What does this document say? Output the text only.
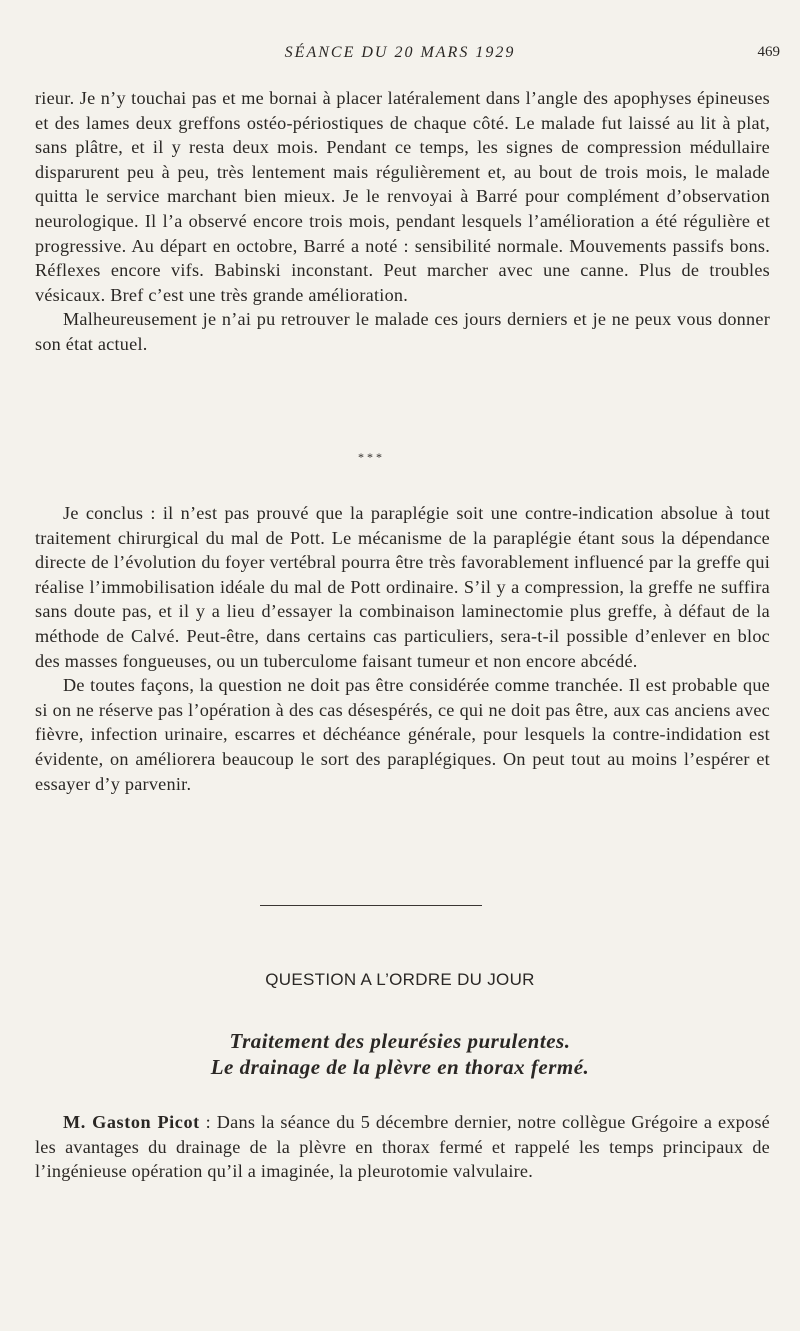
SÉANCE DU 20 MARS 1929	469

rieur. Je n’y touchai pas et me bornai à placer latéralement dans l’angle des apophyses épineuses et des lames deux greffons ostéo-périostiques de chaque côté. Le malade fut laissé au lit à plat, sans plâtre, et il y resta deux mois. Pendant ce temps, les signes de compression médullaire disparurent peu à peu, très lentement mais régulièrement et, au bout de trois mois, le malade quitta le service marchant bien mieux. Je le renvoyai à Barré pour complément d’observation neurologique. Il l’a observé encore trois mois, pendant lesquels l’amélioration a été régulière et progressive. Au départ en octobre, Barré a noté : sensibilité normale. Mouvements passifs bons. Réflexes encore vifs. Babinski inconstant. Peut marcher avec une canne. Plus de troubles vésicaux. Bref c’est une très grande amélioration.

Malheureusement je n’ai pu retrouver le malade ces jours derniers et je ne peux vous donner son état actuel.

* * *

Je conclus : il n’est pas prouvé que la paraplégie soit une contre-indication absolue à tout traitement chirurgical du mal de Pott. Le mécanisme de la paraplégie étant sous la dépendance directe de l’évolution du foyer vertébral pourra être très favorablement influencé par la greffe qui réalise l’immobilisation idéale du mal de Pott ordinaire. S’il y a compression, la greffe ne suffira sans doute pas, et il y a lieu d’essayer la combinaison laminectomie plus greffe, à défaut de la méthode de Calvé. Peut-être, dans certains cas particuliers, sera-t-il possible d’enlever en bloc des masses fongueuses, ou un tuberculome faisant tumeur et non encore abcédé.

De toutes façons, la question ne doit pas être considérée comme tranchée. Il est probable que si on ne réserve pas l’opération à des cas désespérés, ce qui ne doit pas être, aux cas anciens avec fièvre, infection urinaire, escarres et déchéance générale, pour lesquels la contre-indidation est évidente, on améliorera beaucoup le sort des paraplégiques. On peut tout au moins l’espérer et essayer d’y parvenir.

QUESTION A L’ORDRE DU JOUR
Traitement des pleurésies purulentes.
Le drainage de la plèvre en thorax fermé.

M. Gaston Picot : Dans la séance du 5 décembre dernier, notre collègue Grégoire a exposé les avantages du drainage de la plèvre en thorax fermé et rappelé les temps principaux de l’ingénieuse opération qu’il a imaginée, la pleurotomie valvulaire.
